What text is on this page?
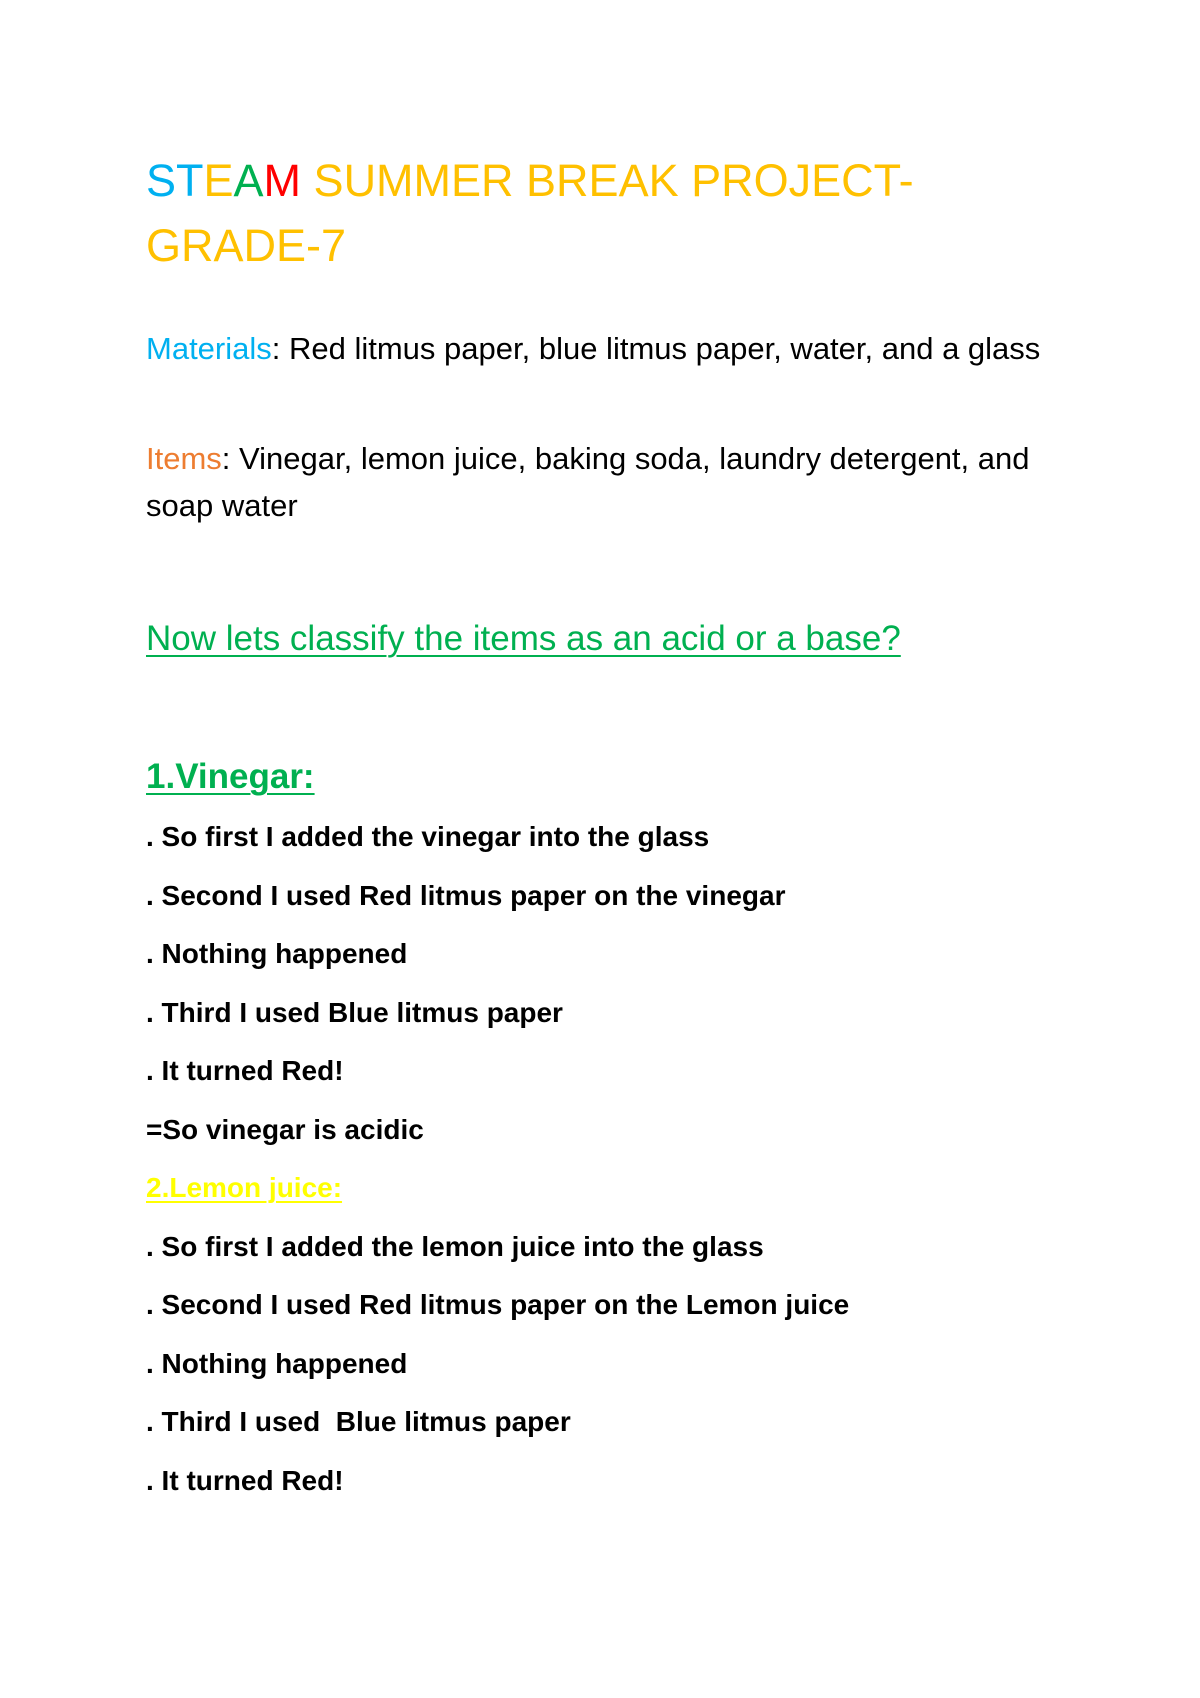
STEAM SUMMER BREAK PROJECT-GRADE-7

Materials: Red litmus paper, blue litmus paper, water, and a glass

Items: Vinegar, lemon juice, baking soda, laundry detergent, and soap water

Now lets classify the items as an acid or a base?

1.Vinegar:
. So first I added the vinegar into the glass
. Second I used Red litmus paper on the vinegar
. Nothing happened
. Third I used Blue litmus paper
. It turned Red!
=So vinegar is acidic
2.Lemon juice:
. So first I added the lemon juice into the glass
. Second I used Red litmus paper on the Lemon juice
. Nothing happened
. Third I used  Blue litmus paper
. It turned Red!
